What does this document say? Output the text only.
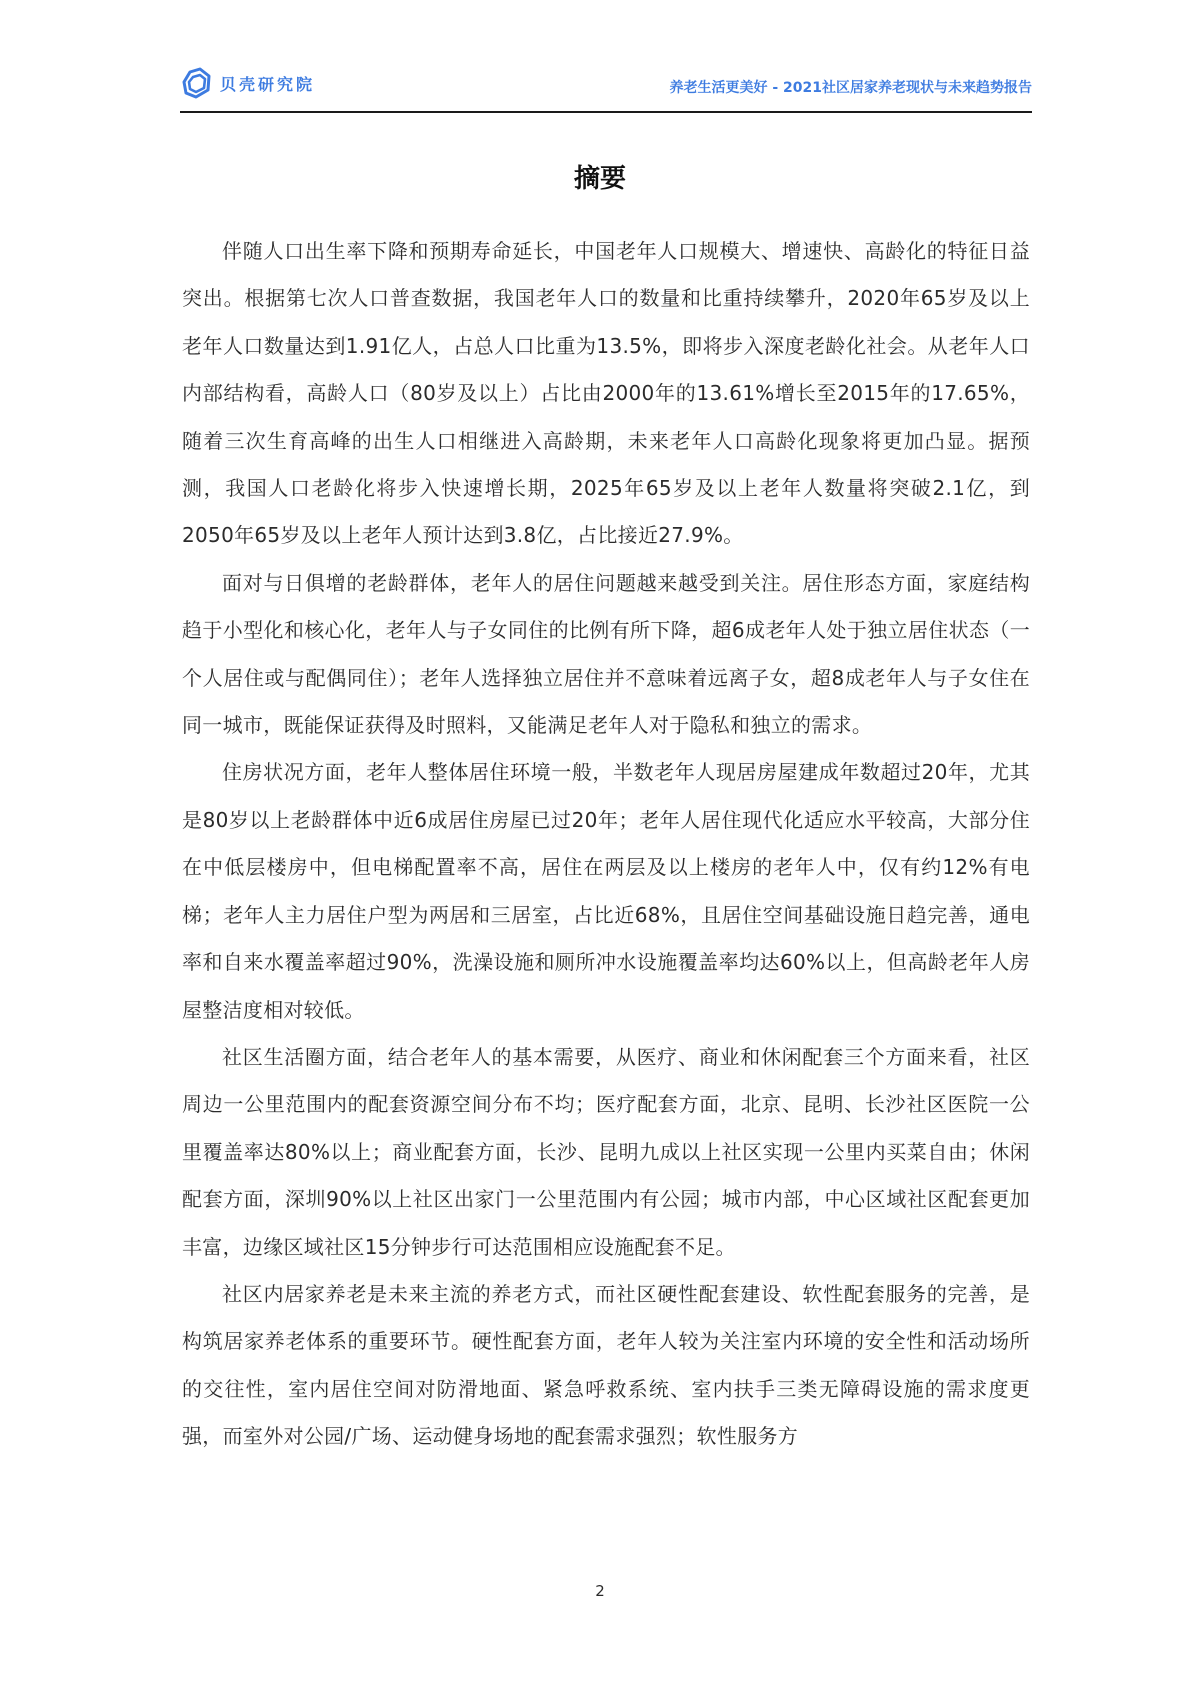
贝壳研究院	养老生活更美好 - 2021社区居家养老现状与未来趋势报告
摘要

伴随人口出生率下降和预期寿命延长，中国老年人口规模大、增速快、高龄化的特征日益突出。根据第七次人口普查数据，我国老年人口的数量和比重持续攀升，2020年65岁及以上老年人口数量达到1.91亿人，占总人口比重为13.5%，即将步入深度老龄化社会。从老年人口内部结构看，高龄人口（80岁及以上）占比由2000年的13.61%增长至2015年的17.65%，随着三次生育高峰的出生人口相继进入高龄期，未来老年人口高龄化现象将更加凸显。据预测，我国人口老龄化将步入快速增长期，2025年65岁及以上老年人数量将突破2.1亿，到2050年65岁及以上老年人预计达到3.8亿，占比接近27.9%。

面对与日俱增的老龄群体，老年人的居住问题越来越受到关注。居住形态方面，家庭结构趋于小型化和核心化，老年人与子女同住的比例有所下降，超6成老年人处于独立居住状态（一个人居住或与配偶同住）；老年人选择独立居住并不意味着远离子女，超8成老年人与子女住在同一城市，既能保证获得及时照料，又能满足老年人对于隐私和独立的需求。

住房状况方面，老年人整体居住环境一般，半数老年人现居房屋建成年数超过20年，尤其是80岁以上老龄群体中近6成居住房屋已过20年；老年人居住现代化适应水平较高，大部分住在中低层楼房中，但电梯配置率不高，居住在两层及以上楼房的老年人中，仅有约12%有电梯；老年人主力居住户型为两居和三居室，占比近68%，且居住空间基础设施日趋完善，通电率和自来水覆盖率超过90%，洗澡设施和厕所冲水设施覆盖率均达60%以上，但高龄老年人房屋整洁度相对较低。

社区生活圈方面，结合老年人的基本需要，从医疗、商业和休闲配套三个方面来看，社区周边一公里范围内的配套资源空间分布不均；医疗配套方面，北京、昆明、长沙社区医院一公里覆盖率达80%以上；商业配套方面，长沙、昆明九成以上社区实现一公里内买菜自由；休闲配套方面，深圳90%以上社区出家门一公里范围内有公园；城市内部，中心区域社区配套更加丰富，边缘区域社区15分钟步行可达范围相应设施配套不足。

社区内居家养老是未来主流的养老方式，而社区硬性配套建设、软性配套服务的完善，是构筑居家养老体系的重要环节。硬性配套方面，老年人较为关注室内环境的安全性和活动场所的交往性，室内居住空间对防滑地面、紧急呼救系统、室内扶手三类无障碍设施的需求度更强，而室外对公园/广场、运动健身场地的配套需求强烈；软性服务方

2
